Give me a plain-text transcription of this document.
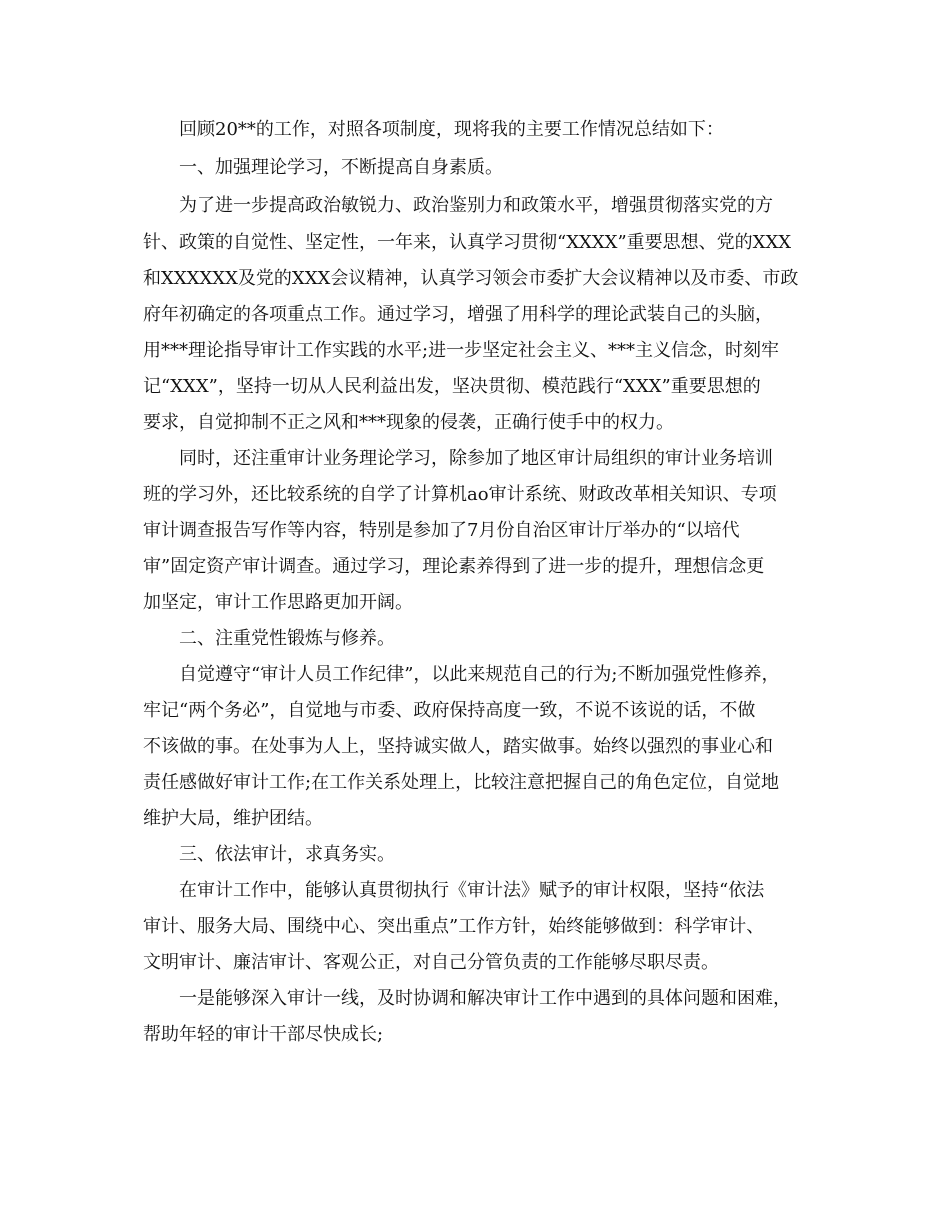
回顾20**的工作，对照各项制度，现将我的主要工作情况总结如下：
一、加强理论学习，不断提高自身素质。
为了进一步提高政治敏锐力、政治鉴别力和政策水平，增强贯彻落实党的方
针、政策的自觉性、坚定性，一年来，认真学习贯彻“XXXX”重要思想、党的XXX
和XXXXXX及党的XXX会议精神，认真学习领会市委扩大会议精神以及市委、市政
府年初确定的各项重点工作。通过学习，增强了用科学的理论武装自己的头脑，
用***理论指导审计工作实践的水平;进一步坚定社会主义、***主义信念，时刻牢
记“XXX”，坚持一切从人民利益出发，坚决贯彻、模范践行“XXX”重要思想的
要求，自觉抑制不正之风和***现象的侵袭，正确行使手中的权力。
同时，还注重审计业务理论学习，除参加了地区审计局组织的审计业务培训
班的学习外，还比较系统的自学了计算机ao审计系统、财政改革相关知识、专项
审计调查报告写作等内容，特别是参加了7月份自治区审计厅举办的“以培代
审”固定资产审计调查。通过学习，理论素养得到了进一步的提升，理想信念更
加坚定，审计工作思路更加开阔。
二、注重党性锻炼与修养。
自觉遵守“审计人员工作纪律”，以此来规范自己的行为;不断加强党性修养，
牢记“两个务必”，自觉地与市委、政府保持高度一致，不说不该说的话，不做
不该做的事。在处事为人上，坚持诚实做人，踏实做事。始终以强烈的事业心和
责任感做好审计工作;在工作关系处理上，比较注意把握自己的角色定位，自觉地
维护大局，维护团结。
三、依法审计，求真务实。
在审计工作中，能够认真贯彻执行《审计法》赋予的审计权限，坚持“依法
审计、服务大局、围绕中心、突出重点”工作方针，始终能够做到：科学审计、
文明审计、廉洁审计、客观公正，对自己分管负责的工作能够尽职尽责。
一是能够深入审计一线，及时协调和解决审计工作中遇到的具体问题和困难，
帮助年轻的审计干部尽快成长;
